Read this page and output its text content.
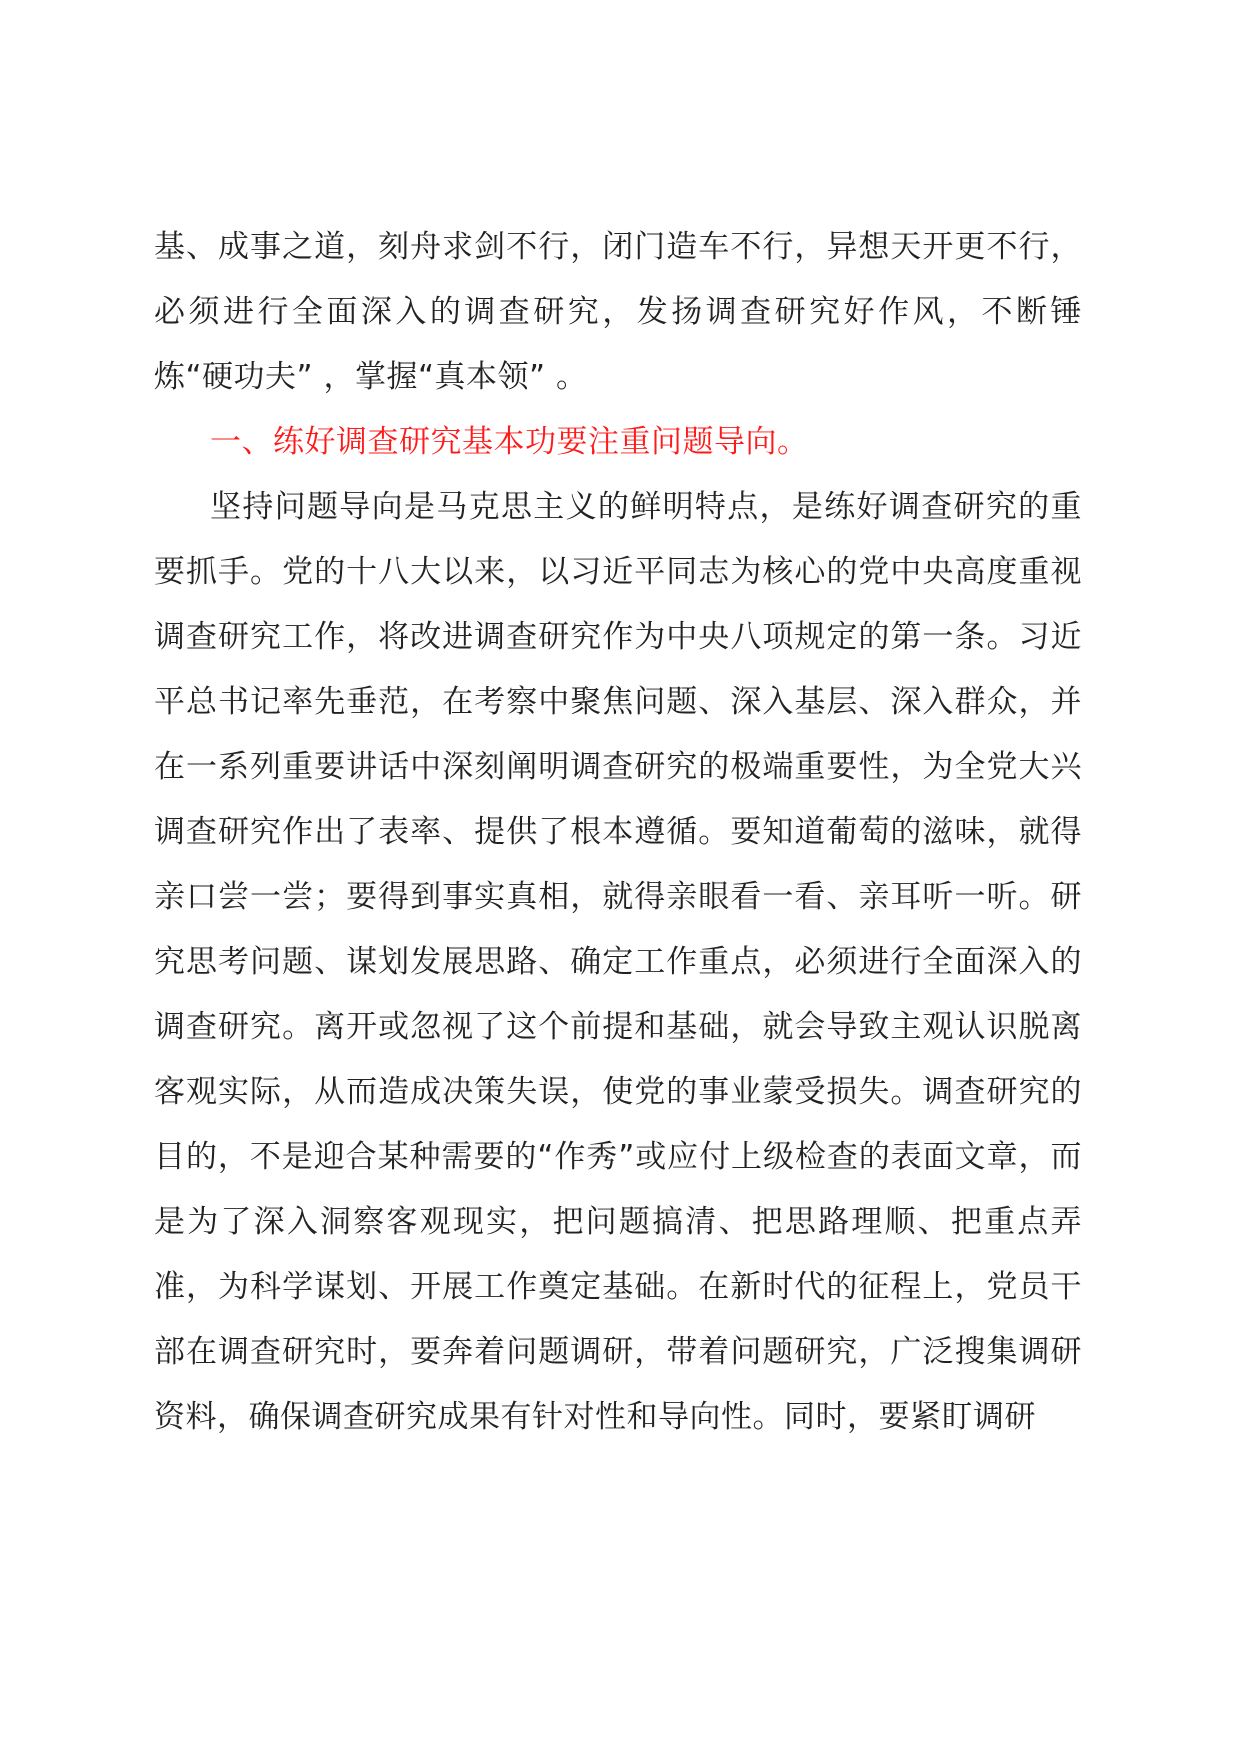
基、成事之道，刻舟求剑不行，闭门造车不行，异想天开更不行，必须进行全面深入的调查研究，发扬调查研究好作风，不断锤炼“硬功夫” ，掌握“真本领” 。

一、练好调查研究基本功要注重问题导向。

坚持问题导向是马克思主义的鲜明特点，是练好调查研究的重要抓手。党的十八大以来，以习近平同志为核心的党中央高度重视调查研究工作，将改进调查研究作为中央八项规定的第一条。习近平总书记率先垂范，在考察中聚焦问题、深入基层、深入群众，并在一系列重要讲话中深刻阐明调查研究的极端重要性，为全党大兴调查研究作出了表率、提供了根本遵循。要知道葡萄的滋味，就得亲口尝一尝；要得到事实真相，就得亲眼看一看、亲耳听一听。研究思考问题、谋划发展思路、确定工作重点，必须进行全面深入的调查研究。离开或忽视了这个前提和基础，就会导致主观认识脱离客观实际，从而造成决策失误，使党的事业蒙受损失。调查研究的目的，不是迎合某种需要的“作秀”或应付上级检查的表面文章，而是为了深入洞察客观现实，把问题搞清、把思路理顺、把重点弄准，为科学谋划、开展工作奠定基础。在新时代的征程上，党员干部在调查研究时，要奔着问题调研，带着问题研究，广泛搜集调研资料，确保调查研究成果有针对性和导向性。同时，要紧盯调研
